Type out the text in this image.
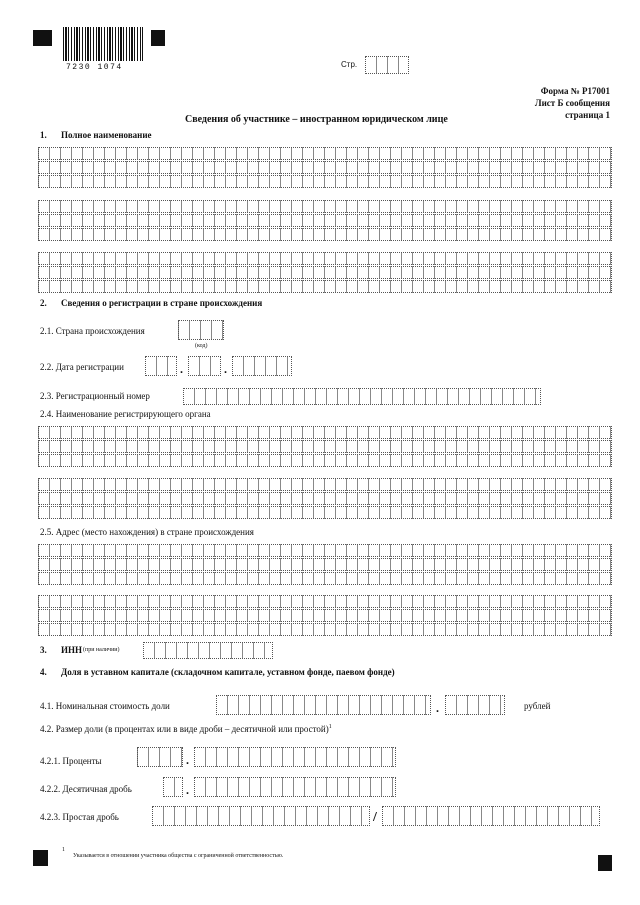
7230 1074	Стр.
Форма № Р17001
Лист Б сообщения
страница 1
Сведения об участнике – иностранном юридическом лице
1. Полное наименование
2. Сведения о регистрации в стране происхождения
2.1. Страна происхождения
(код)
2.2. Дата регистрации	.	.
2.3. Регистрационный номер
2.4. Наименование регистрирующего органа
2.5. Адрес (место нахождения) в стране происхождения
3. ИНН (при наличии)
4. Доля в уставном капитале (складочном капитале, уставном фонде, паевом фонде)
4.1. Номинальная стоимость доли	.	рублей
4.2. Размер доли (в процентах или в виде дроби – десятичной или простой)$^1$
4.2.1. Проценты	.
4.2.2. Десятичная дробь	.
4.2.3. Простая дробь	/
1
Указывается в отношении участника общества с ограниченной ответственностью.
